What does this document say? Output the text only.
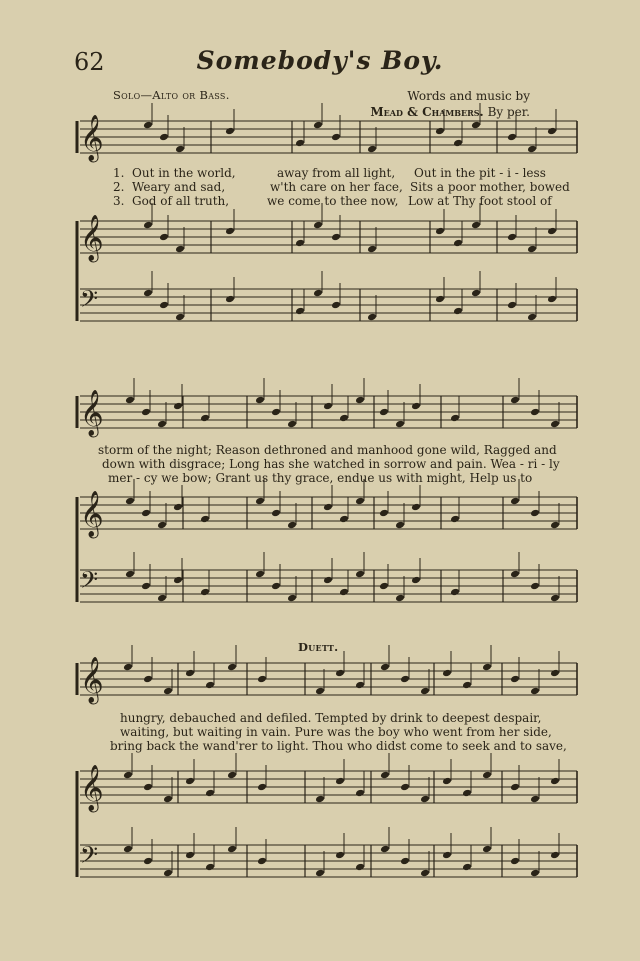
62	Somebody's Boy.
Solo—Alto or Bass.	Words and music by
Mead & Chambers. By per.
1. Out in the world,	away from all light, Out in the pit - i - less
2. Weary and sad,	w'th care on her face, Sits a poor mother, bowed
3. God of all truth,	we come to thee now, Low at Thy foot stool of
storm of the night; Reason dethroned and manhood gone wild, Ragged and
down with disgrace; Long has she watched in sorrow and pain. Wea - ri - ly
mer - cy we bow; Grant us thy grace, endue us with might, Help us to
Duett.
hungry, debauched and defiled. Tempted by drink to deepest despair,
waiting, but waiting in vain. Pure was the boy who went from her side,
bring back the wand'rer to light. Thou who didst come to seek and to save,
𝄞
𝄞
𝄢
𝄞
𝄞
𝄢
𝄞
𝄞
𝄢
